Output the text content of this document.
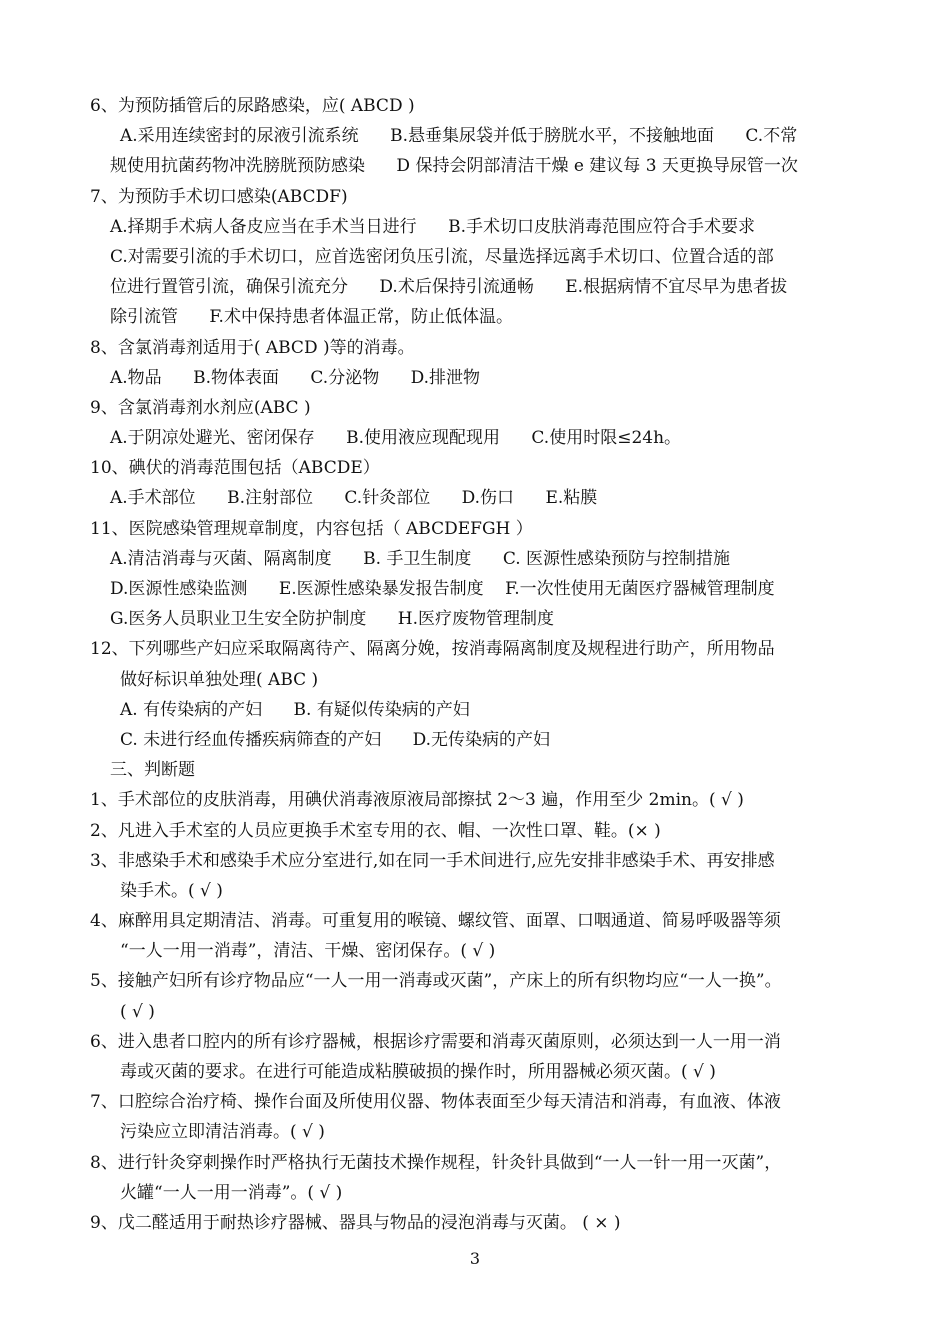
6、为预防插管后的尿路感染，应( ABCD )
A.采用连续密封的尿液引流系统 B.悬垂集尿袋并低于膀胱水平，不接触地面 C.不常
规使用抗菌药物冲洗膀胱预防感染 D 保持会阴部清洁干燥 e 建议每 3 天更换导尿管一次
7、为预防手术切口感染(ABCDF)
A.择期手术病人备皮应当在手术当日进行 B.手术切口皮肤消毒范围应符合手术要求
C.对需要引流的手术切口，应首选密闭负压引流，尽量选择远离手术切口、位置合适的部
位进行置管引流，确保引流充分 D.术后保持引流通畅 E.根据病情不宜尽早为患者拔
除引流管 F.术中保持患者体温正常，防止低体温。
8、含氯消毒剂适用于( ABCD )等的消毒。
A.物品 B.物体表面 C.分泌物 D.排泄物
9、含氯消毒剂水剂应(ABC )
A.于阴凉处避光、密闭保存 B.使用液应现配现用 C.使用时限≤24h。
10、碘伏的消毒范围包括（ABCDE）
A.手术部位 B.注射部位 C.针灸部位 D.伤口 E.粘膜
11、医院感染管理规章制度，内容包括（ ABCDEFGH ）
A.清洁消毒与灭菌、隔离制度 B. 手卫生制度 C. 医源性感染预防与控制措施
D.医源性感染监测 E.医源性感染暴发报告制度 F.一次性使用无菌医疗器械管理制度
G.医务人员职业卫生安全防护制度 H.医疗废物管理制度
12、下列哪些产妇应采取隔离待产、隔离分娩，按消毒隔离制度及规程进行助产，所用物品
做好标识单独处理( ABC )
A. 有传染病的产妇 B. 有疑似传染病的产妇
C. 未进行经血传播疾病筛查的产妇 D.无传染病的产妇
三、判断题
1、手术部位的皮肤消毒，用碘伏消毒液原液局部擦拭 2～3 遍，作用至少 2min。( √ )
2、凡进入手术室的人员应更换手术室专用的衣、帽、一次性口罩、鞋。(× )
3、非感染手术和感染手术应分室进行,如在同一手术间进行,应先安排非感染手术、再安排感
染手术。( √ )
4、麻醉用具定期清洁、消毒。可重复用的喉镜、螺纹管、面罩、口咽通道、简易呼吸器等须
“一人一用一消毒”，清洁、干燥、密闭保存。( √ )
5、接触产妇所有诊疗物品应“一人一用一消毒或灭菌”，产床上的所有织物均应“一人一换”。
( √ )
6、进入患者口腔内的所有诊疗器械，根据诊疗需要和消毒灭菌原则，必须达到一人一用一消
毒或灭菌的要求。在进行可能造成粘膜破损的操作时，所用器械必须灭菌。( √ )
7、口腔综合治疗椅、操作台面及所使用仪器、物体表面至少每天清洁和消毒，有血液、体液
污染应立即清洁消毒。( √ )
8、进行针灸穿刺操作时严格执行无菌技术操作规程，针灸针具做到“一人一针一用一灭菌”，
火罐“一人一用一消毒”。( √ )
9、戊二醛适用于耐热诊疗器械、器具与物品的浸泡消毒与灭菌。 ( × )
3
